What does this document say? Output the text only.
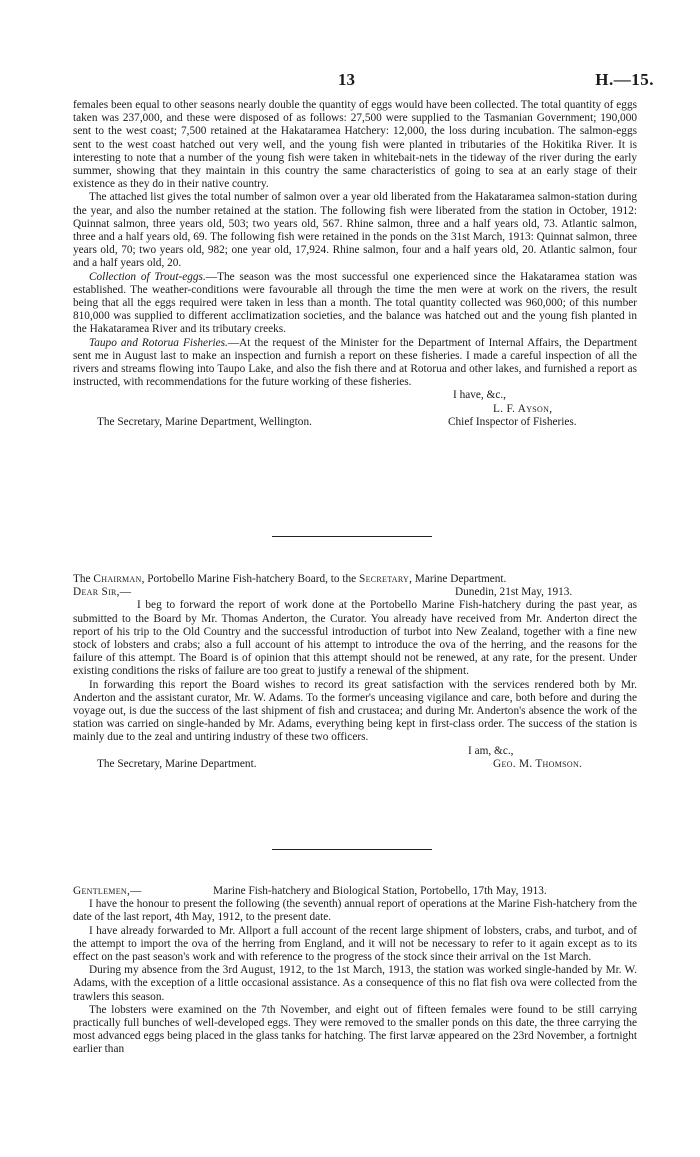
13	H.—15.

females been equal to other seasons nearly double the quantity of eggs would have been collected. The total quantity of eggs taken was 237,000, and these were disposed of as follows: 27,500 were supplied to the Tasmanian Government; 190,000 sent to the west coast; 7,500 retained at the Hakataramea Hatchery: 12,000, the loss during incubation. The salmon-eggs sent to the west coast hatched out very well, and the young fish were planted in tributaries of the Hokitika River. It is interesting to note that a number of the young fish were taken in whitebait-nets in the tideway of the river during the early summer, showing that they maintain in this country the same characteristics of going to sea at an early stage of their existence as they do in their native country.

The attached list gives the total number of salmon over a year old liberated from the Hakataramea salmon-station during the year, and also the number retained at the station. The following fish were liberated from the station in October, 1912: Quinnat salmon, three years old, 503; two years old, 567. Rhine salmon, three and a half years old, 73. Atlantic salmon, three and a half years old, 69. The following fish were retained in the ponds on the 31st March, 1913: Quinnat salmon, three years old, 70; two years old, 982; one year old, 17,924. Rhine salmon, four and a half years old, 20. Atlantic salmon, four and a half years old, 20.

Collection of Trout-eggs.—The season was the most successful one experienced since the Hakataramea station was established. The weather-conditions were favourable all through the time the men were at work on the rivers, the result being that all the eggs required were taken in less than a month. The total quantity collected was 960,000; of this number 810,000 was supplied to different acclimatization societies, and the balance was hatched out and the young fish planted in the Hakataramea River and its tributary creeks.

Taupo and Rotorua Fisheries.—At the request of the Minister for the Department of Internal Affairs, the Department sent me in August last to make an inspection and furnish a report on these fisheries. I made a careful inspection of all the rivers and streams flowing into Taupo Lake, and also the fish there and at Rotorua and other lakes, and furnished a report as instructed, with recommendations for the future working of these fisheries.

I have, &c.,
L. F. Ayson,
The Secretary, Marine Department, Wellington.	Chief Inspector of Fisheries.

The Chairman, Portobello Marine Fish-hatchery Board, to the Secretary, Marine Department.

Dear Sir,—	Dunedin, 21st May, 1913.

I beg to forward the report of work done at the Portobello Marine Fish-hatchery during the past year, as submitted to the Board by Mr. Thomas Anderton, the Curator. You already have received from Mr. Anderton direct the report of his trip to the Old Country and the successful introduction of turbot into New Zealand, together with a fine new stock of lobsters and crabs; also a full account of his attempt to introduce the ova of the herring, and the reasons for the failure of this attempt. The Board is of opinion that this attempt should not be renewed, at any rate, for the present. Under existing conditions the risks of failure are too great to justify a renewal of the shipment.

In forwarding this report the Board wishes to record its great satisfaction with the services rendered both by Mr. Anderton and the assistant curator, Mr. W. Adams. To the former's unceasing vigilance and care, both before and during the voyage out, is due the success of the last shipment of fish and crustacea; and during Mr. Anderton's absence the work of the station was carried on single-handed by Mr. Adams, everything being kept in first-class order. The success of the station is mainly due to the zeal and untiring industry of these two officers.

I am, &c.,
The Secretary, Marine Department.	Geo. M. Thomson.
Gentlemen,—	Marine Fish-hatchery and Biological Station, Portobello, 17th May, 1913.

I have the honour to present the following (the seventh) annual report of operations at the Marine Fish-hatchery from the date of the last report, 4th May, 1912, to the present date.

I have already forwarded to Mr. Allport a full account of the recent large shipment of lobsters, crabs, and turbot, and of the attempt to import the ova of the herring from England, and it will not be necessary to refer to it again except as to its effect on the past season's work and with reference to the progress of the stock since their arrival on the 1st March.

During my absence from the 3rd August, 1912, to the 1st March, 1913, the station was worked single-handed by Mr. W. Adams, with the exception of a little occasional assistance. As a consequence of this no flat fish ova were collected from the trawlers this season.

The lobsters were examined on the 7th November, and eight out of fifteen females were found to be still carrying practically full bunches of well-developed eggs. They were removed to the smaller ponds on this date, the three carrying the most advanced eggs being placed in the glass tanks for hatching. The first larvæ appeared on the 23rd November, a fortnight earlier than
